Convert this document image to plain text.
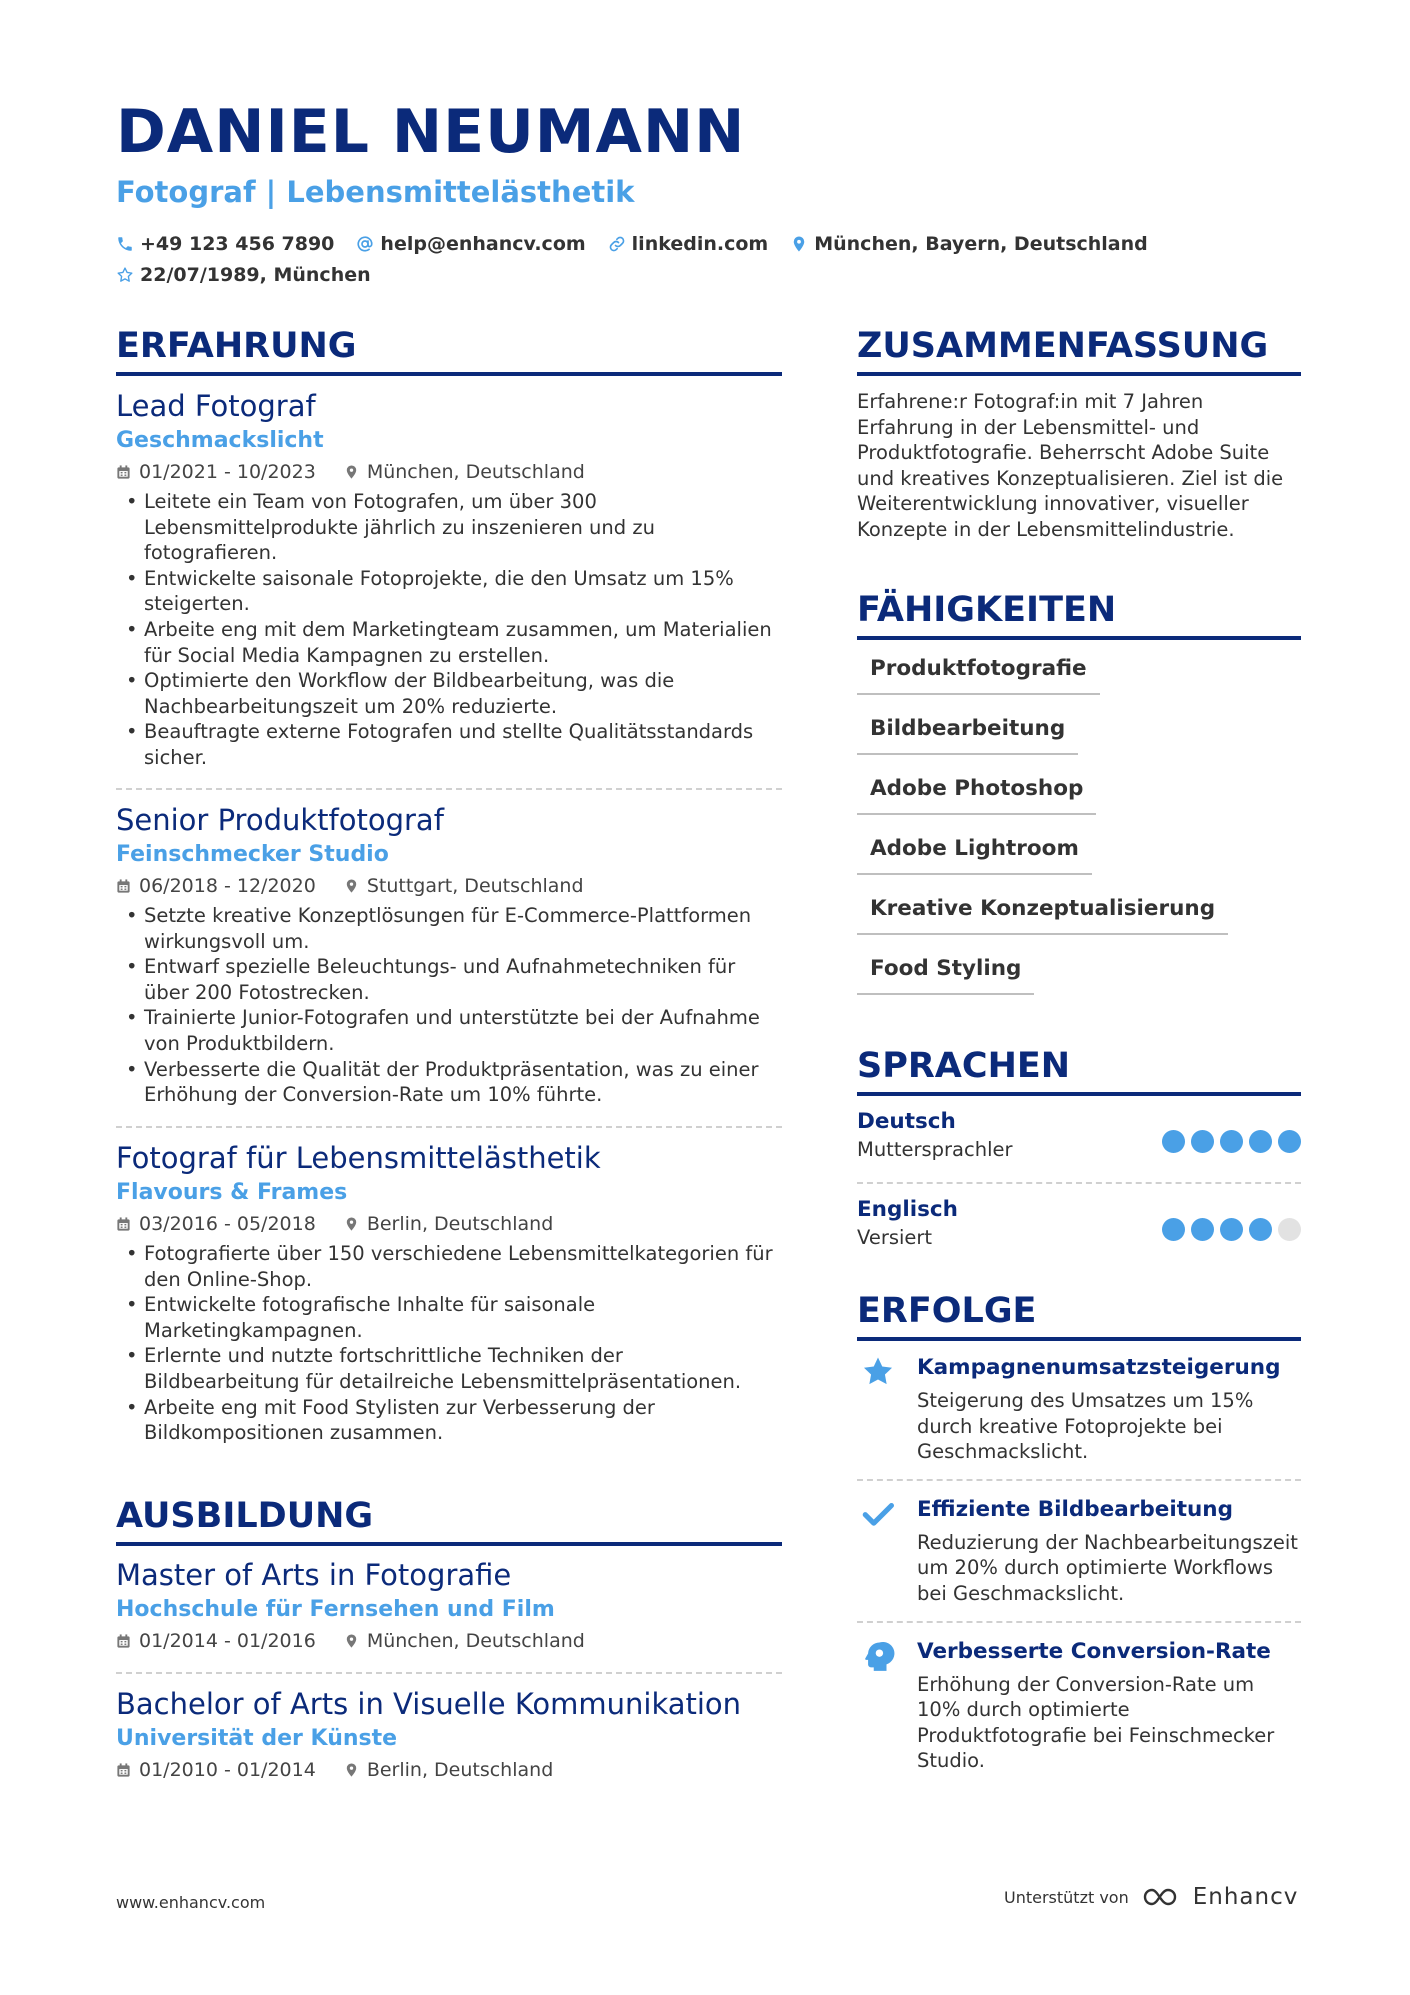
DANIEL NEUMANN
Fotograf | Lebensmittelästhetik
+49 123 456 7890 help@enhancv.com linkedin.com München, Bayern, Deutschland
22/07/1989, München
ERFAHRUNG
Lead Fotograf
Geschmackslicht
01/2021 - 10/2023	München, Deutschland
• Leitete ein Team von Fotografen, um über 300 Lebensmittelprodukte jährlich zu inszenieren und zu fotografieren.
• Entwickelte saisonale Fotoprojekte, die den Umsatz um 15% steigerten.
• Arbeite eng mit dem Marketingteam zusammen, um Materialien für Social Media Kampagnen zu erstellen.
• Optimierte den Workflow der Bildbearbeitung, was die Nachbearbeitungszeit um 20% reduzierte.
• Beauftragte externe Fotografen und stellte Qualitätsstandards sicher.
Senior Produktfotograf
Feinschmecker Studio
06/2018 - 12/2020	Stuttgart, Deutschland
• Setzte kreative Konzeptlösungen für E-Commerce-Plattformen wirkungsvoll um.
• Entwarf spezielle Beleuchtungs- und Aufnahmetechniken für über 200 Fotostrecken.
• Trainierte Junior-Fotografen und unterstützte bei der Aufnahme von Produktbildern.
• Verbesserte die Qualität der Produktpräsentation, was zu einer Erhöhung der Conversion-Rate um 10% führte.
Fotograf für Lebensmittelästhetik
Flavours & Frames
03/2016 - 05/2018	Berlin, Deutschland
• Fotografierte über 150 verschiedene Lebensmittelkategorien für den Online-Shop.
• Entwickelte fotografische Inhalte für saisonale Marketingkampagnen.
• Erlernte und nutzte fortschrittliche Techniken der Bildbearbeitung für detailreiche Lebensmittelpräsentationen.
• Arbeite eng mit Food Stylisten zur Verbesserung der Bildkompositionen zusammen.
AUSBILDUNG
Master of Arts in Fotografie
Hochschule für Fernsehen und Film
01/2014 - 01/2016	München, Deutschland
Bachelor of Arts in Visuelle Kommunikation
Universität der Künste
01/2010 - 01/2014	Berlin, Deutschland
ZUSAMMENFASSUNG
Erfahrene:r Fotograf:in mit 7 Jahren Erfahrung in der Lebensmittel- und Produktfotografie. Beherrscht Adobe Suite und kreatives Konzeptualisieren. Ziel ist die Weiterentwicklung innovativer, visueller Konzepte in der Lebensmittelindustrie.
FÄHIGKEITEN
Produktfotografie
Bildbearbeitung
Adobe Photoshop
Adobe Lightroom
Kreative Konzeptualisierung
Food Styling
SPRACHEN
Deutsch
Muttersprachler
Englisch
Versiert
ERFOLGE
Kampagnenumsatzsteigerung
Steigerung des Umsatzes um 15% durch kreative Fotoprojekte bei Geschmackslicht.
Effiziente Bildbearbeitung
Reduzierung der Nachbearbeitungszeit um 20% durch optimierte Workflows bei Geschmackslicht.
Verbesserte Conversion-Rate
Erhöhung der Conversion-Rate um 10% durch optimierte Produktfotografie bei Feinschmecker Studio.
www.enhancv.com	Unterstützt von	Enhancv
